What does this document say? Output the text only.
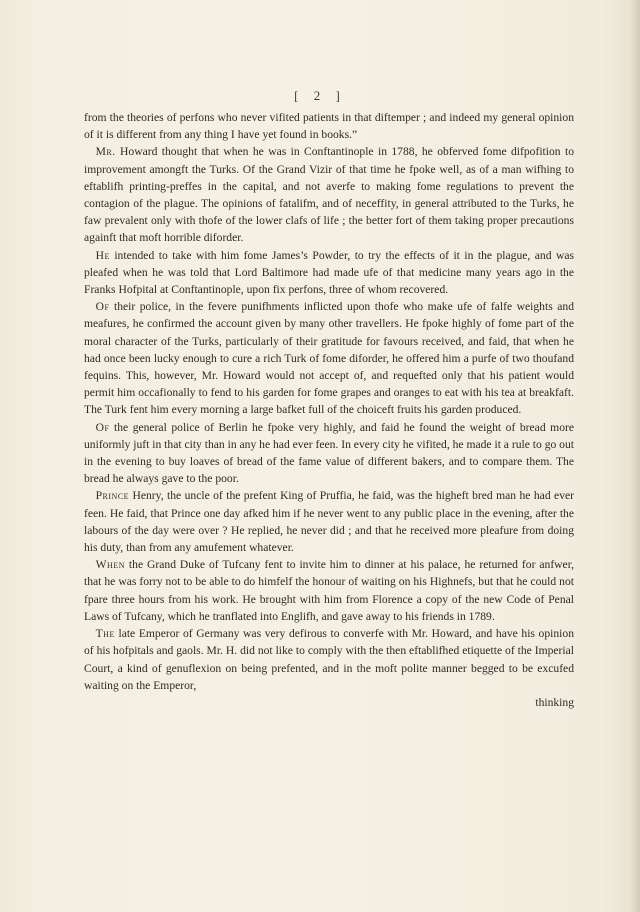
[ 2 ]

from the theories of perfons who never vifited patients in that diftemper ; and indeed my general opinion of it is different from any thing I have yet found in books.”

 Mr. Howard thought that when he was in Conftantinople in 1788, he obferved fome difpofition to improvement amongft the Turks. Of the Grand Vizir of that time he fpoke well, as of a man wifhing to eftablifh printing-preffes in the capital, and not averfe to making fome regulations to prevent the contagion of the plague. The opinions of fatalifm, and of neceffity, in general attributed to the Turks, he faw prevalent only with thofe of the lower clafs of life ; the better fort of them taking proper precautions againft that moft horrible diforder.

 He intended to take with him fome James’s Powder, to try the effects of it in the plague, and was pleafed when he was told that Lord Baltimore had made ufe of that medicine many years ago in the Franks Hofpital at Conftantinople, upon fix perfons, three of whom recovered.

 Of their police, in the fevere punifhments inflicted upon thofe who make ufe of falfe weights and meafures, he confirmed the account given by many other travellers. He fpoke highly of fome part of the moral character of the Turks, particularly of their gratitude for favours received, and faid, that when he had once been lucky enough to cure a rich Turk of fome diforder, he offered him a purfe of two thoufand fequins. This, however, Mr. Howard would not accept of, and requefted only that his patient would permit him occafionally to fend to his garden for fome grapes and oranges to eat with his tea at breakfaft. The Turk fent him every morning a large bafket full of the choiceft fruits his garden produced.

 Of the general police of Berlin he fpoke very highly, and faid he found the weight of bread more uniformly juft in that city than in any he had ever feen. In every city he vifited, he made it a rule to go out in the evening to buy loaves of bread of the fame value of different bakers, and to compare them. The bread he always gave to the poor.

 Prince Henry, the uncle of the prefent King of Pruffia, he faid, was the higheft bred man he had ever feen. He faid, that Prince one day afked him if he never went to any public place in the evening, after the labours of the day were over ? He replied, he never did ; and that he received more pleafure from doing his duty, than from any amufement whatever.

 When the Grand Duke of Tufcany fent to invite him to dinner at his palace, he returned for anfwer, that he was forry not to be able to do himfelf the honour of waiting on his Highnefs, but that he could not fpare three hours from his work. He brought with him from Florence a copy of the new Code of Penal Laws of Tufcany, which he tranflated into Englifh, and gave away to his friends in 1789.

 The late Emperor of Germany was very defirous to converfe with Mr. Howard, and have his opinion of his hofpitals and gaols. Mr. H. did not like to comply with the then eftablifhed etiquette of the Imperial Court, a kind of genuflexion on being prefented, and in the moft polite manner begged to be excufed waiting on the Emperor,

thinking
